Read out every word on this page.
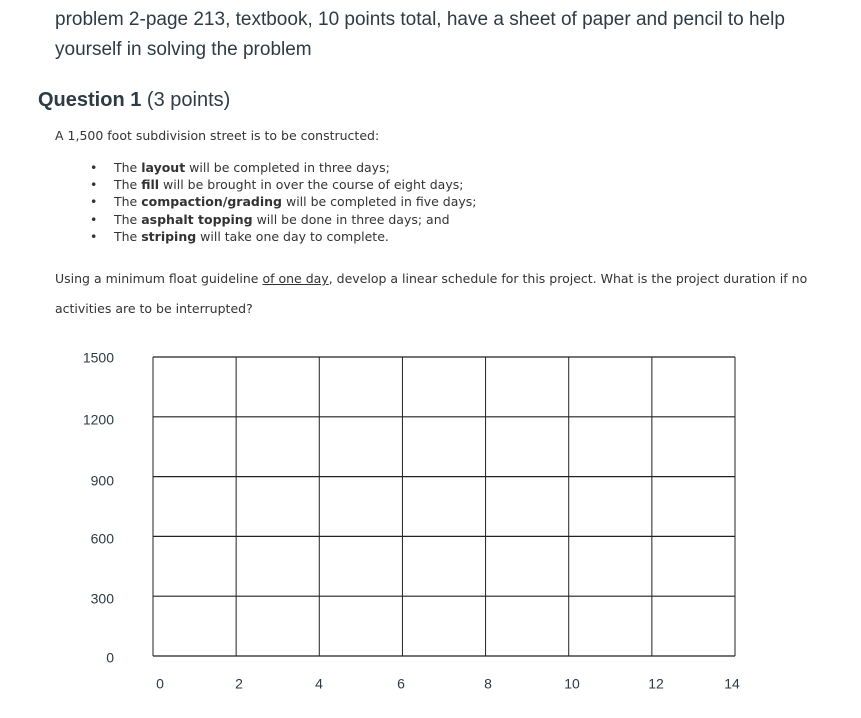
problem 2-page 213, textbook, 10 points total, have a sheet of paper and pencil to help yourself in solving the problem
Question 1 (3 points)
A 1,500 foot subdivision street is to be constructed:
• The layout will be completed in three days;
• The fill will be brought in over the course of eight days;
• The compaction/grading will be completed in five days;
• The asphalt topping will be done in three days; and
• The striping will take one day to complete.
Using a minimum float guideline of one day, develop a linear schedule for this project. What is the project duration if no activities are to be interrupted?
1500
1200
900
600
300
0
0	2	4	6	8	10	12	14
